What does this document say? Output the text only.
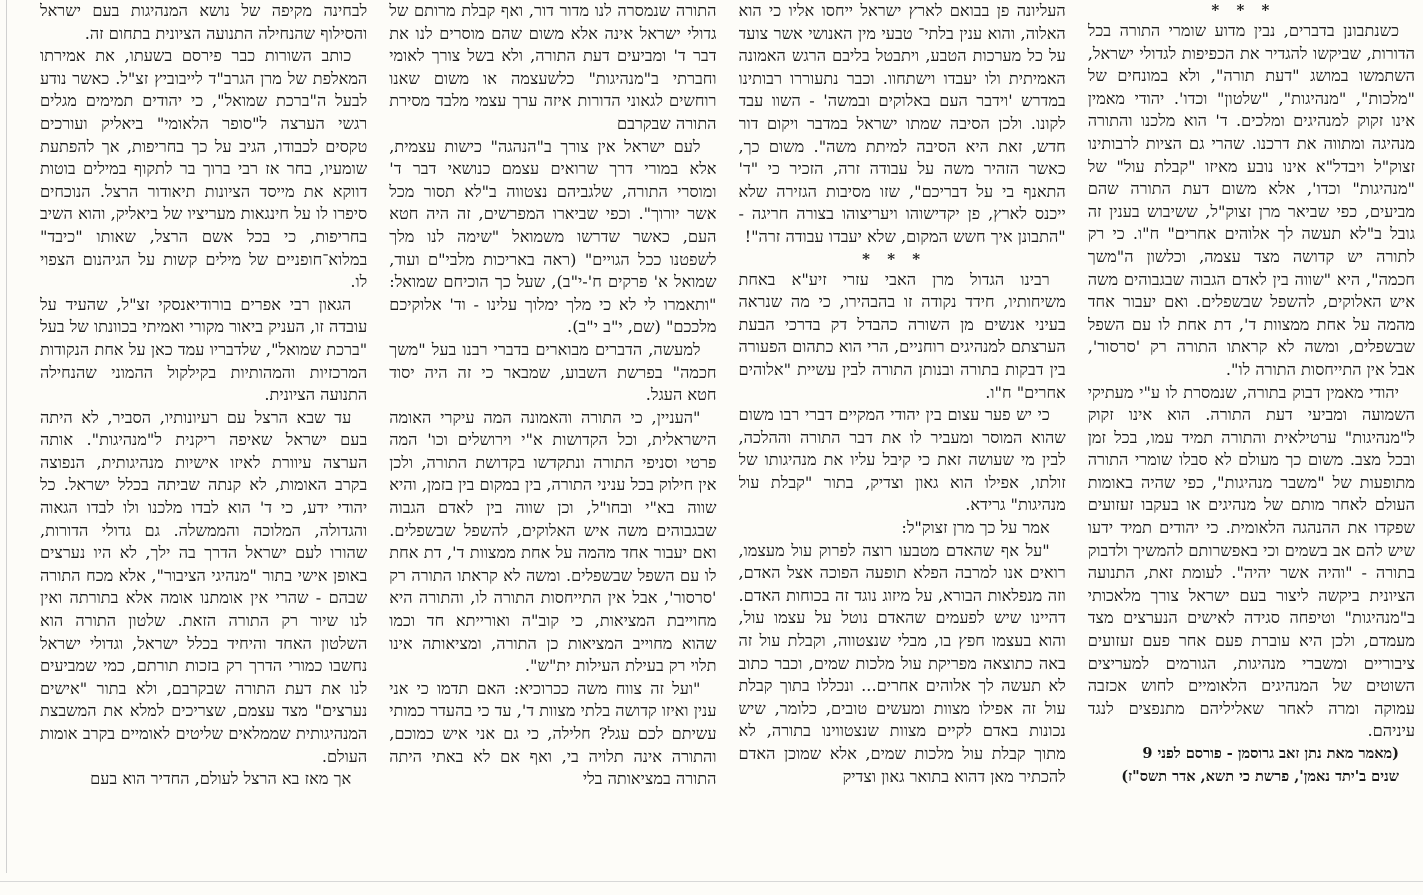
לבחינה מקיפה של נושא המנהיגות בעם ישראל והסילוף שהנחילה התנועה הציונית בתחום זה.

כותב השורות כבר פירסם בשעתו, את אמירתו המאלפת של מרן הגרב"ד לייבוביץ זצ"ל. כאשר נודע לבעל ה"ברכת שמואל", כי יהודים תמימים מגלים רגשי הערצה ל"סופר הלאומי" ביאליק ועורכים טקסים לכבודו, הגיב על כך בחריפות, אך להפתעת שומעיו, בחר אז רבי ברוך בר לתקוף במילים בוטות דווקא את מייסד הציונות תיאודור הרצל. הנוכחים סיפרו לו על חינגאות מעריציו של ביאליק, והוא השיב בחריפות, כי בכל אשם הרצל, שאותו "כיבד" במלוא־חופניים של מילים קשות על הגיהנום הצפוי לו.

הגאון רבי אפרים בורודיאנסקי זצ"ל, שהעיד על עובדה זו, העניק ביאור מקורי ואמיתי בכוונתו של בעל "ברכת שמואל", שלדבריו עמד כאן על אחת הנקודות המרכזיות והמהותיות בקילקול ההמוני שהנחילה התנועה הציונית.

עד שבא הרצל עם רעיונותיו, הסביר, לא היתה בעם ישראל שאיפה ריקנית ל"מנהיגות". אותה הערצה עיוורת לאיזו אישיות מנהיגותית, הנפוצה בקרב האומות, לא קנתה שביתה בכלל ישראל. כל יהודי ידע, כי ד' הוא לבדו מלכנו ולו לבדו הגאוה והגדולה, המלוכה והממשלה. גם גדולי הדורות, שהורו לעם ישראל הדרך בה ילך, לא היו נערצים באופן אישי בתור "מנהיגי הציבור", אלא מכח התורה שבהם - שהרי אין אומתנו אומה אלא בתורתה ואין לנו שיור רק התורה הזאת. שלטון התורה הוא השלטון האחד והיחיד בכלל ישראל, וגדולי ישראל נחשבו כמורי הדרך רק בזכות תורתם, כמי שמביעים לנו את דעת התורה שבקרבם, ולא בתור "אישים נערצים" מצד עצמם, שצריכים למלא את המשבצת המנהיגותית שממלאים שליטים לאומיים בקרב אומות העולם.

אך מאז בא הרצל לעולם, החדיר הוא בעם

התורה שנמסרה לנו מדור דור, ואף קבלת מרותם של גדולי ישראל אינה אלא משום שהם מוסרים לנו את דבר ד' ומביעים דעת התורה, ולא בשל צורך לאומי וחברתי ב"מנהיגות" כלשעצמה או משום שאנו רוחשים לגאוני הדורות איזה ערך עצמי מלבד מסירת התורה שבקרבם

לעם ישראל אין צורך ב"הנהגה" כישות עצמית, אלא במורי דרך שרואים עצמם כנושאי דבר ד' ומוסרי התורה, שלגביהם נצטווה ב"לא תסור מכל אשר יורוך". וכפי שביארו המפרשים, זה היה חטא העם, כאשר שדרשו משמואל "שימה לנו מלך לשפטנו ככל הגויים" (ראה באריכות מלבי"ם ועוד, שמואל א' פרקים ח'-י"ב), שעל כך הוכיחם שמואל: "ותאמרו לי לא כי מלך ימלוך עלינו - וד' אלוקיכם מלככם" (שם, י"ב י"ב).

למעשה, הדברים מבוארים בדברי רבנו בעל "משך חכמה" בפרשת השבוע, שמבאר כי זה היה יסוד חטא העגל.

"העניין, כי התורה והאמונה המה עיקרי האומה הישראלית, וכל הקדושות א"י וירושלים וכו' המה פרטי וסניפי התורה ונתקדשו בקדושת התורה, ולכן אין חילוק בכל עניני התורה, בין במקום בין בזמן, והיא שווה בא"י ובחו"ל, וכן שווה בין לאדם הגבוה שבגבוהים משה איש האלוקים, להשפל שבשפלים. ואם יעבור אחד מהמה על אחת ממצוות ד', דת אחת לו עם השפל שבשפלים. ומשה לא קראתו התורה רק 'סרסור', אבל אין התייחסות התורה לו, והתורה היא מחוייבת המציאות, כי קוב"ה ואורייתא חד וכמו שהוא מחוייב המציאות כן התורה, ומציאותה אינו תלוי רק בעילת העילות ית"ש".

"ועל זה צווח משה ככרוכיא: האם תדמו כי אני ענין ואיזו קדושה בלתי מצוות ד', עד כי בהעדר כמותי עשיתם לכם עגל? חלילה, כי גם אני איש כמוכם, והתורה אינה תלויה בי, ואף אם לא באתי היתה התורה במציאותה בלי

העליונה פן בבואם לארץ ישראל ייחסו אליו כי הוא האלוה, והוא ענין בלתי־ טבעי מין האנושי אשר צועד על כל מערכות הטבע, ויתבטל בליבם הרגש האמונה האמיתית ולו יעבדו וישתחוו. וכבר נתעוררו רבותינו במדרש 'וידבר העם באלוקים ובמשה' - השוו עבד לקונו. ולכן הסיבה שמתו ישראל במדבר ויקום דור חדש, זאת היא הסיבה למיתת משה". משום כך, כאשר הזהיר משה על עבודה זרה, הזכיר כי "ד' התאנף בי על דבריכם", שזו מסיבות הגזירה שלא ייכנס לארץ, פן יקדישוהו ויעריצוהו בצורה חריגה - "התבונן איך חשש המקום, שלא יעבדו עבודה זרה"!

* * *

רבינו הגדול מרן האבי עזרי זיע"א באחת משיחותיו, חידד נקודה זו בהבהירו, כי מה שנראה בעיני אנשים מן השורה כהבדל דק בדרכי הבעת הערצתם למנהיגים רוחניים, הרי הוא כתהום הפעורה בין דבקות בתורה ובנותן התורה לבין עשיית "אלוהים אחרים" ח"ו.

כי יש פער עצום בין יהודי המקיים דברי רבו משום שהוא המוסר ומעביר לו את דבר התורה וההלכה, לבין מי שעושה זאת כי קיבל עליו את מנהיגותו של זולתו, אפילו הוא גאון וצדיק, בתור "קבלת עול מנהיגות" גרידא.

אמר על כך מרן זצוק"ל:

"על אף שהאדם מטבעו רוצה לפרוק עול מעצמו, רואים אנו למרבה הפלא תופעה הפוכה אצל האדם, וזה מנפלאות הבורא, על מיזוג נוגד זה בכוחות האדם. דהיינו שיש לפעמים שהאדם נוטל על עצמו עול, והוא בעצמו חפץ בו, מבלי שנצטווה, וקבלת עול זה באה כתוצאה מפריקת עול מלכות שמים, וכבר כתוב לא תעשה לך אלוהים אחרים... ונכללו בתוך קבלת עול זה אפילו מצוות ומעשים טובים, כלומר, שיש נכונות באדם לקיים מצוות שנצטווינו בתורה, לא מתוך קבלת עול מלכות שמים, אלא שמוכן האדם להכתיר מאן דהוא בתואר גאון וצדיק

* * *

כשנתבונן בדברים, נבין מדוע שומרי התורה בכל הדורות, שביקשו להגדיר את הכפיפות לגדולי ישראל, השתמשו במושג "דעת תורה", ולא במונחים של "מלכות", "מנהיגות", "שלטון" וכדו'. יהודי מאמין אינו זקוק למנהיגים ומלכים. ד' הוא מלכנו והתורה מנהיגה ומתווה את דרכנו. שהרי גם הציות לרבותינו זצוק"ל ויבדל"א אינו נובע מאיזו "קבלת עול" של "מנהיגות" וכדו', אלא משום דעת התורה שהם מביעים, כפי שביאר מרן זצוק"ל, ששיבוש בענין זה גובל ב"לא תעשה לך אלוהים אחרים" ח"ו. כי רק לתורה יש קדושה מצד עצמה, וכלשון ה"משך חכמה", היא "שווה בין לאדם הגבוה שבגבוהים משה איש האלוקים, להשפל שבשפלים. ואם יעבור אחד מהמה על אחת ממצוות ד', דת אחת לו עם השפל שבשפלים, ומשה לא קראתו התורה רק 'סרסור', אבל אין התייחסות התורה לו".

יהודי מאמין דבוק בתורה, שנמסרת לו ע"י מעתיקי השמועה ומביעי דעת התורה. הוא אינו זקוק ל"מנהיגות" ערטילאית והתורה תמיד עמו, בכל זמן ובכל מצב. משום כך מעולם לא סבלו שומרי התורה מתופעות של "משבר מנהיגות", כפי שהיה באומות העולם לאחר מותם של מנהיגים או בעקבו זעזועים שפקדו את ההנהגה הלאומית. כי יהודים תמיד ידעו שיש להם אב בשמים וכי באפשרותם להמשיך ולדבוק בתורה - "והיה אשר יהיה". לעומת זאת, התנועה הציונית ביקשה ליצור בעם ישראל צורך מלאכותי ב"מנהיגות" וטיפחה סגידה לאישים הנערצים מצד מעמדם, ולכן היא עוברת פעם אחר פעם זעזועים ציבוריים ומשברי מנהיגות, הגורמים למעריצים השוטים של המנהיגים הלאומיים לחוש אכזבה עמוקה ומרה לאחר שאליליהם מתנפצים לנגד עיניהם.

(מאמר מאת נתן זאב גרוסמן - פורסם לפני 9

שנים ב'יתד נאמן', פרשת כי תשא, אדר תשס"ז)
